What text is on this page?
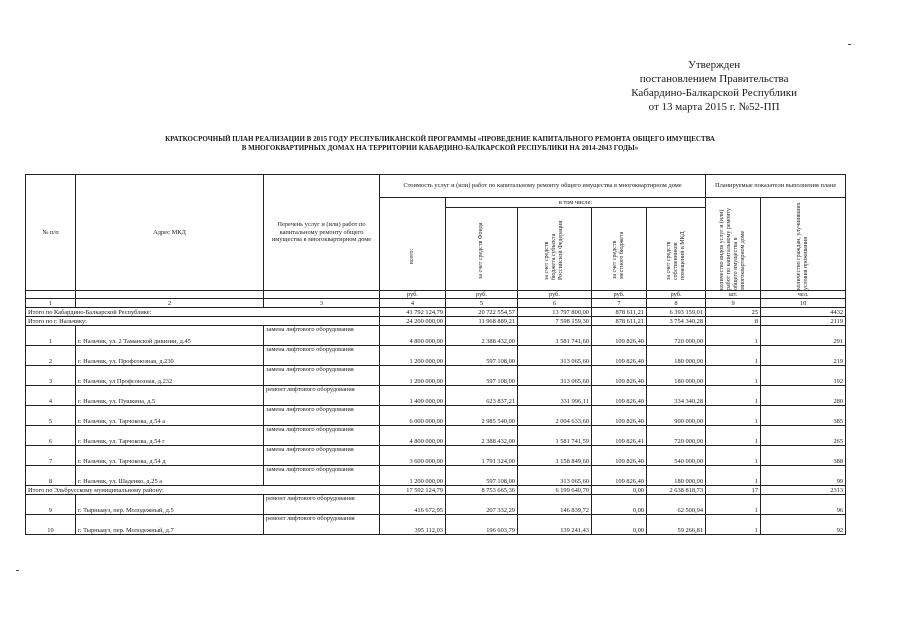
Утвержден
постановлением Правительства
Кабардино-Балкарской Республики
от 13 марта 2015 г. №52-ПП
КРАТКОСРОЧНЫЙ ПЛАН РЕАЛИЗАЦИИ В 2015 ГОДУ РЕСПУБЛИКАНСКОЙ ПРОГРАММЫ «ПРОВЕДЕНИЕ КАПИТАЛЬНОГО РЕМОНТА ОБЩЕГО ИМУЩЕСТВА
В МНОГОКВАРТИРНЫХ ДОМАХ НА ТЕРРИТОРИИ КАБАРДИНО-БАЛКАРСКОЙ РЕСПУБЛИКИ НА 2014-2043 ГОДЫ»
№ п/п	Адрес МКД	Перечень услуг и (или) работ по капитальному ремонту общего имущества в многоквартирном доме	Стоимость услуг и (или) работ по капитальному ремонту общего имущества в многоквартирном доме					Планируемые показатели выполнения плане	

			всего:	в том числе:				количество видов услуг и (или) работ по капитальному ремонту общего имущества в многоквартирном доме	количество граждан, улучшивших условия проживания

				за счет средств Фонда	за счет средств бюджета субъекта Российской Федерации	за счет средств местного бюджета	за счет средств собственников помещений в МКД		

			руб.	руб.	руб.	руб.	руб.	шт.	чел.
1	2	3	4	5	6	7	8	9	10
Итого по Кабардино-Балкарской Республике:			41 792 124,79	20 722 554,57	13 797 800,00	878 611,21	6 393 159,01	25	4432
Итого по г. Нальчику:			24 200 000,00	11 968 889,21	7 598 159,30	878 611,21	3 754 340,28	8	2119
1	г. Нальчик, ул. 2 Таманской дивизии, д.45	замена лифтового оборудования	4 800 000,00	2 388 432,00	1 581 741,60	109 826,40	720 000,00	1	291
2	г. Нальчик, ул. Профсоюзная, д.230	замена лифтового оборудования	1 200 000,00	597 108,00	313 065,60	109 826,40	180 000,00	1	219
3	г. Нальчик, ул Профсоюзная, д.232	замена лифтового оборудования	1 200 000,00	597 108,00	313 065,60	109 826,40	180 000,00	1	192
4	г. Нальчик, ул. Пушкина, д.5	ремонт лифтового оборудования	1 400 000,00	623 837,21	331 996,11	109 826,40	334 340,28	1	280
5	г. Нальчик, ул. Тарчокова, д.54 а	замена лифтового оборудования	6 000 000,00	2 985 540,00	2 004 633,60	109 826,40	900 000,00	1	385
6	г. Нальчик, ул. Тарчокова, д.54 г	замена лифтового оборудования	4 800 000,00	2 388 432,00	1 581 741,59	109 826,41	720 000,00	1	265
7	г. Нальчик, ул. Тарчокова, д.54 д	замена лифтового оборудования	3 600 000,00	1 791 324,00	1 158 849,60	109 826,40	540 000,00	1	388
8	г. Нальчик, ул. Шаденко, д.25 а	замена лифтового оборудования	1 200 000,00	597 108,00	313 065,60	109 826,40	180 000,00	1	99
Итого по Эльбрусскому муниципальному району:			17 592 124,79	8 753 665,36	6 199 640,70	0,00	2 638 818,73	17	2313
9	г. Тырныауз, пер. Молодежный, д.5	ремонт лифтового оборудования	416 672,95	207 332,29	146 839,72	0,00	62 500,94	1	96
10	г. Тырныауз, пер. Молодежный, д.7	ремонт лифтового оборудования	395 112,03	196 603,79	139 241,43	0,00	59 266,81	1	92
